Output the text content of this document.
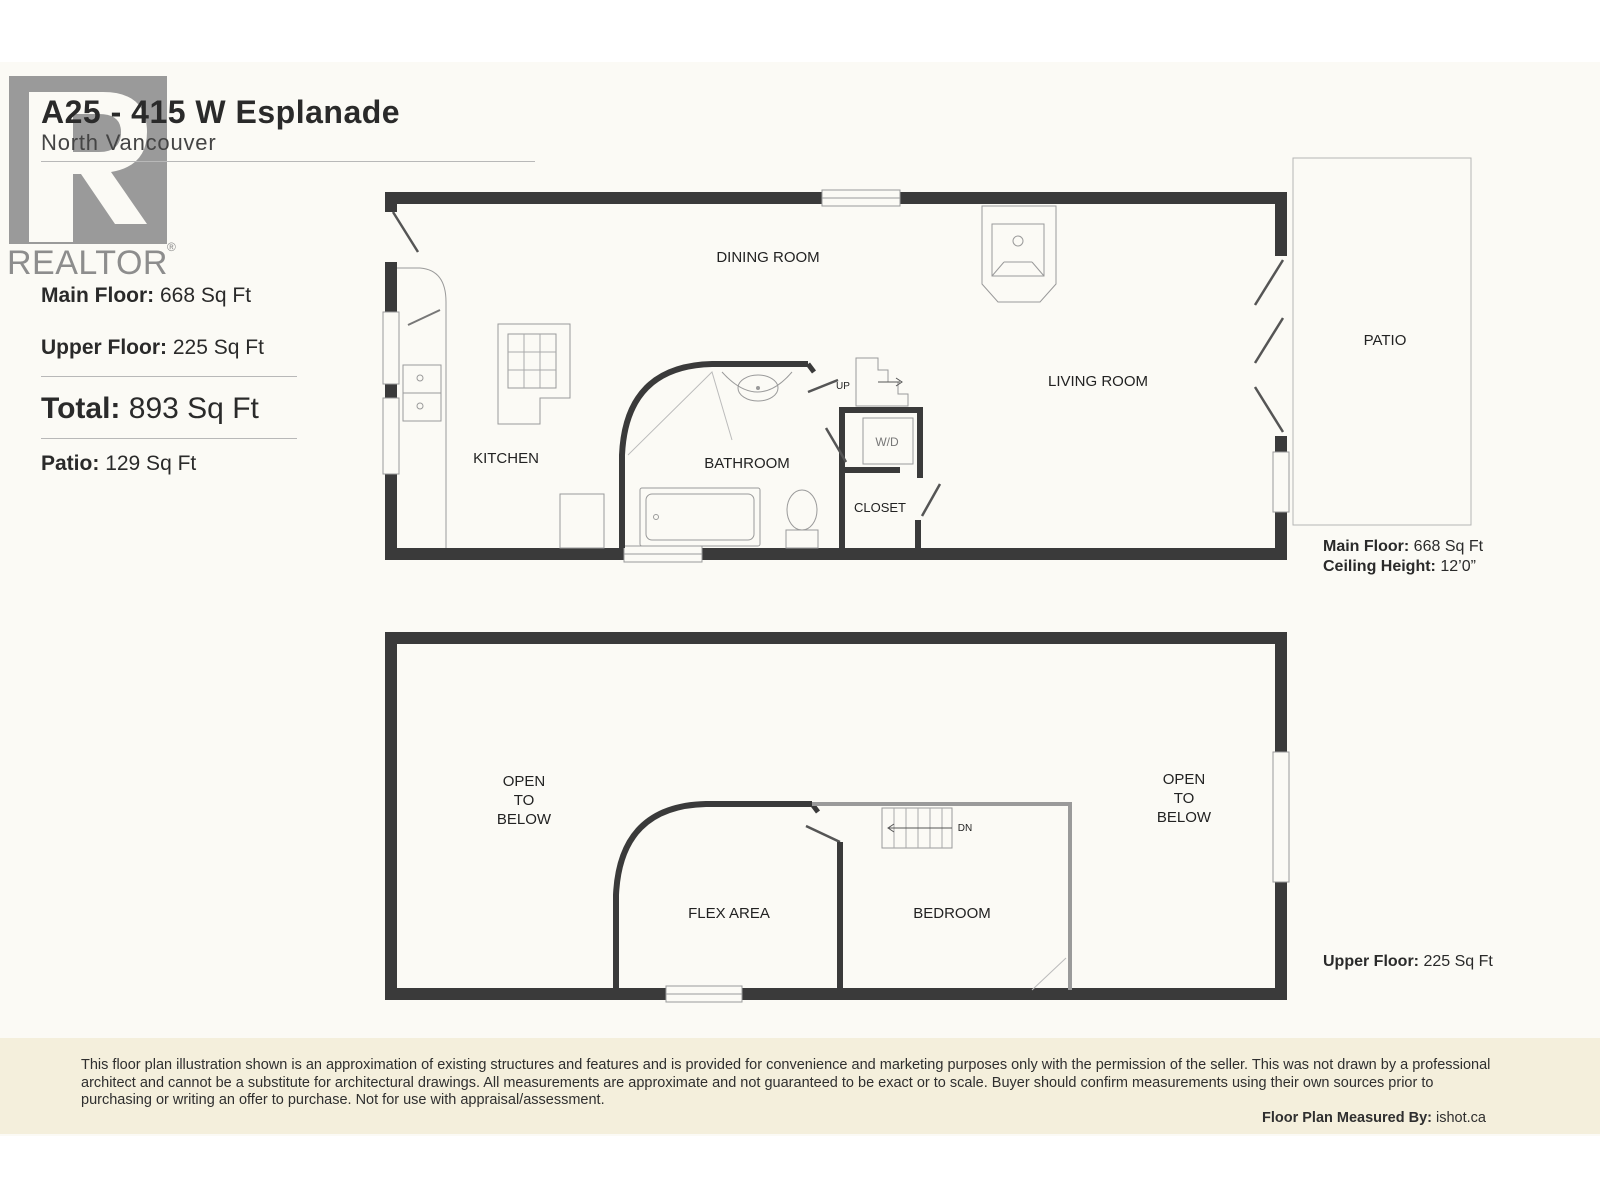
REALTOR ®
A25 - 415 W Esplanade
North Vancouver
Main Floor: 668 Sq Ft
Upper Floor: 225 Sq Ft
Total: 893 Sq Ft
Patio: 129 Sq Ft
DINING ROOM
LIVING ROOM
PATIO
KITCHEN	BATHROOM
CLOSET
W/D
UP
OPEN
TO
BELOW
OPEN
TO
BELOW
FLEX AREA	BEDROOM
DN
Main Floor: 668 Sq Ft
Ceiling Height: 12’0”
Upper Floor: 225 Sq Ft
This floor plan illustration shown is an approximation of existing structures and features and is provided for convenience and marketing purposes only with the permission of the seller. This was not drawn by a professional architect and cannot be a substitute for architectural drawings. All measurements are approximate and not guaranteed to be exact or to scale. Buyer should confirm measurements using their own sources prior to purchasing or writing an offer to purchase. Not for use with appraisal/assessment.
Floor Plan Measured By: ishot.ca
